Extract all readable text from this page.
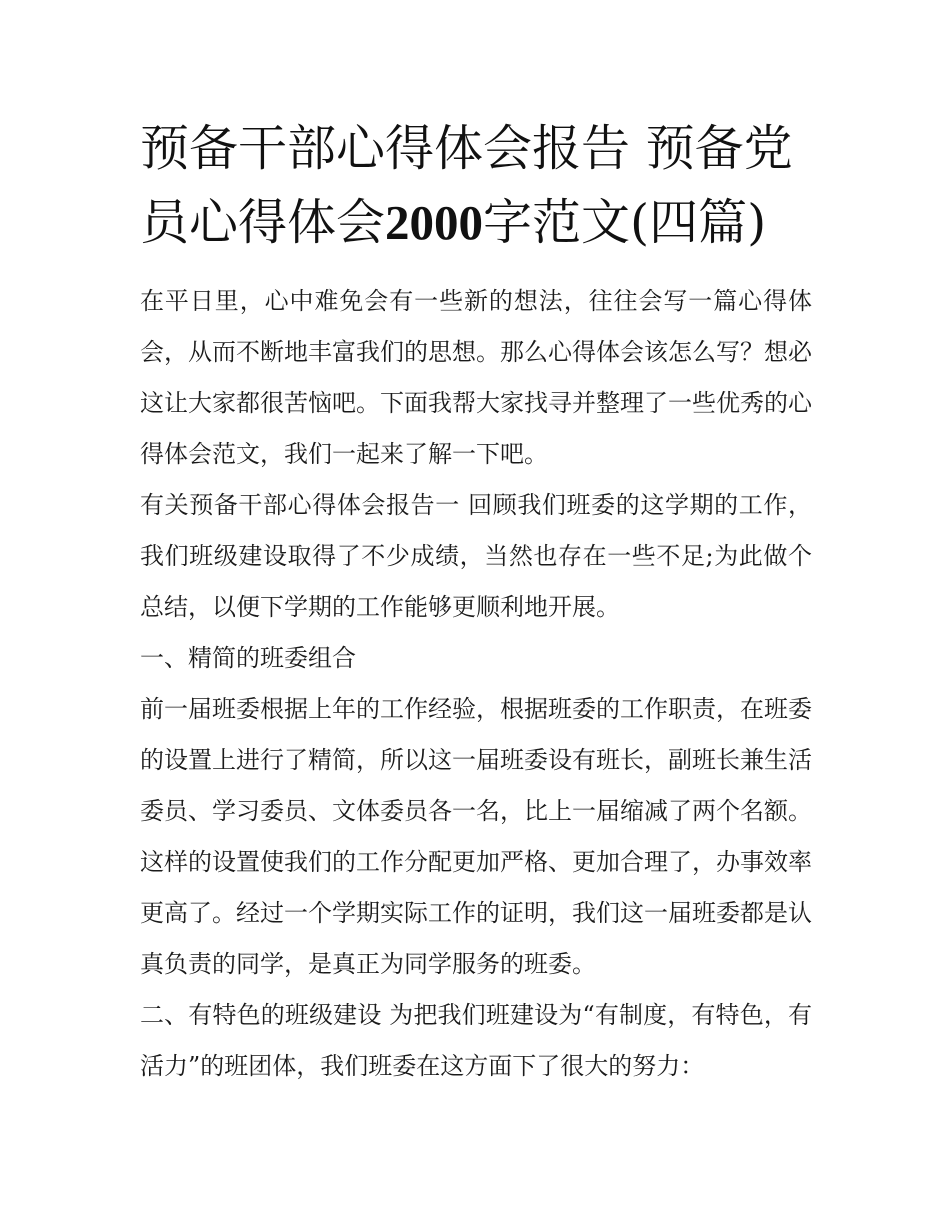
预备干部心得体会报告 预备党员心得体会2000字范文(四篇)

在平日里，心中难免会有一些新的想法，往往会写一篇心得体会，从而不断地丰富我们的思想。那么心得体会该怎么写？想必这让大家都很苦恼吧。下面我帮大家找寻并整理了一些优秀的心得体会范文，我们一起来了解一下吧。

有关预备干部心得体会报告一 回顾我们班委的这学期的工作，我们班级建设取得了不少成绩，当然也存在一些不足;为此做个总结，以便下学期的工作能够更顺利地开展。

一、精简的班委组合

前一届班委根据上年的工作经验，根据班委的工作职责，在班委的设置上进行了精简，所以这一届班委设有班长，副班长兼生活委员、学习委员、文体委员各一名，比上一届缩减了两个名额。这样的设置使我们的工作分配更加严格、更加合理了，办事效率更高了。经过一个学期实际工作的证明，我们这一届班委都是认真负责的同学，是真正为同学服务的班委。

二、有特色的班级建设 为把我们班建设为“有制度，有特色，有活力”的班团体，我们班委在这方面下了很大的努力：
